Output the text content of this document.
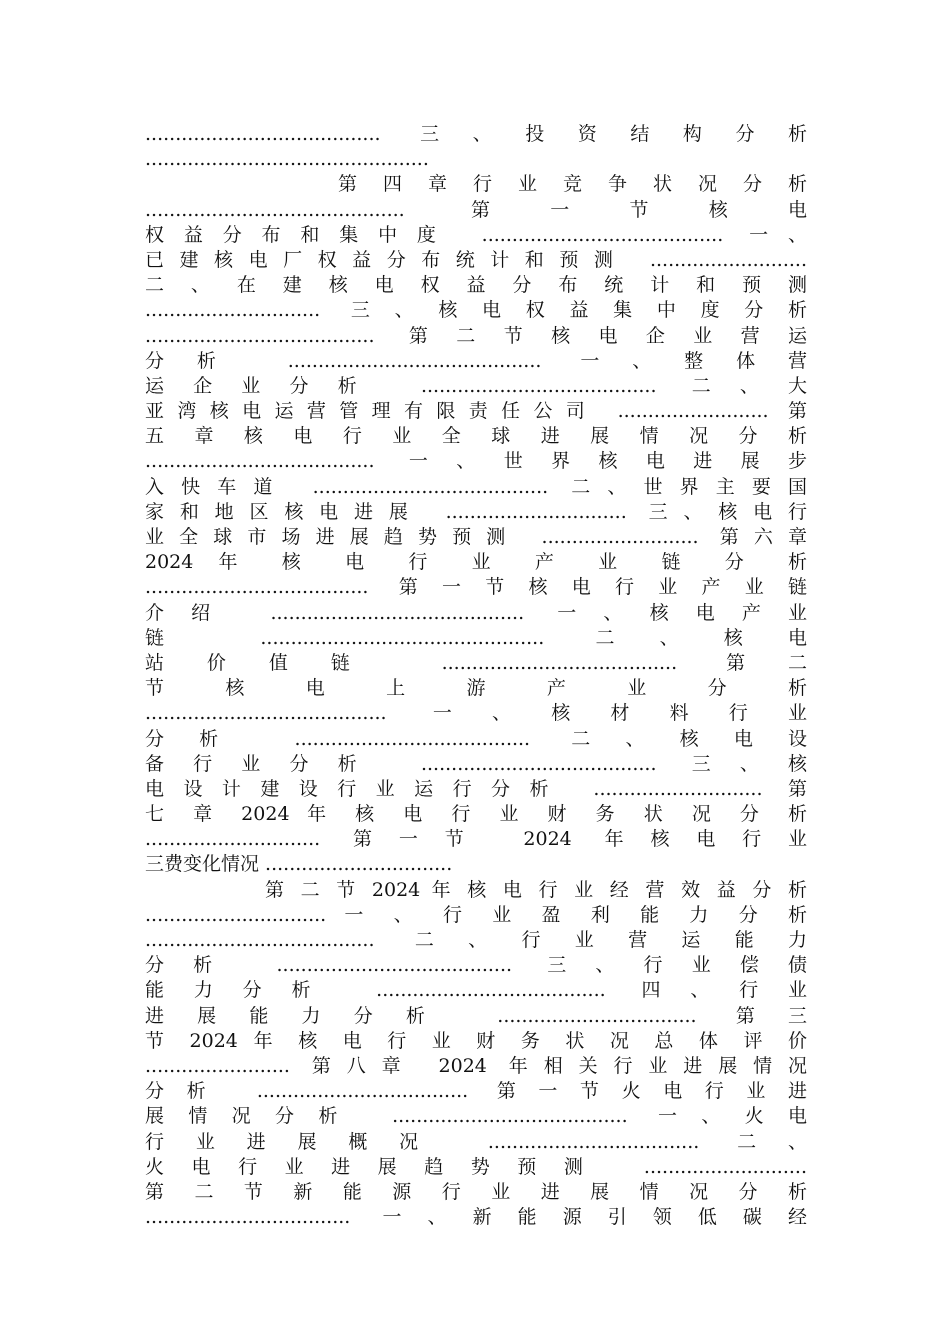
....................................... 三、投资结构分析
...............................................
第 四 章 行 业 竞 争 状 况 分 析
........................................... 第一节核电
权益分布和集中度 ........................................ 一、
已建核电厂权益分布统计和预测 ..........................
二 、 在 建 核 电 权 益 分 布 统 计 和 预 测
............................. 三、核电权益集中度分析
...................................... 第二节核电企业营运
分析 .......................................... 一、整体营
运企业分析 ....................................... 二、大
亚湾核电运营管理有限责任公司 ......................... 第
五 章 核 电 行 业 全 球 进 展 情 况 分 析
...................................... 一、世界核电进展步
入快车道 ....................................... 二、世界主要国
家和地区核电进展 .............................. 三、核电行
业全球市场进展趋势预测 .......................... 第六章
2024 年 核 电 行 业 产 业 链 分 析
..................................... 第一节核电行业产业链
介绍 .......................................... 一、核电产业
链 ............................................... 二、核电
站价值链 ....................................... 第二
节 核 电 上 游 产 业 分 析
........................................ 一、核材料行业
分析 ....................................... 二、核电设
备行业分析 ....................................... 三、核
电设计建设行业运行分析 ............................ 第
七 章 2024 年 核 电 行 业 财 务 状 况 分 析
............................. 第一节 2024 年核电行业
三费变化情况 ...............................
第 二 节 2024 年 核 电 行 业 经 营 效 益 分 析
.............................. 一 、 行 业 盈 利 能 力 分 析
...................................... 二、行业营运能力
分析 ....................................... 三、行业偿债
能力分析 ...................................... 四、行业
进展能力分析 ................................. 第三
节 2024 年 核 电 行 业 财 务 状 况 总 体 评 价
........................ 第八章 2024 年相关行业进展情况
分析 ................................... 第一节火电行业进
展情况分析 ....................................... 一、火电
行业进展概况 ................................... 二、
火电行业进展趋势预测 ...........................
第 二 节 新 能 源 行 业 进 展 情 况 分 析
.................................. 一、新能源引领低碳经
